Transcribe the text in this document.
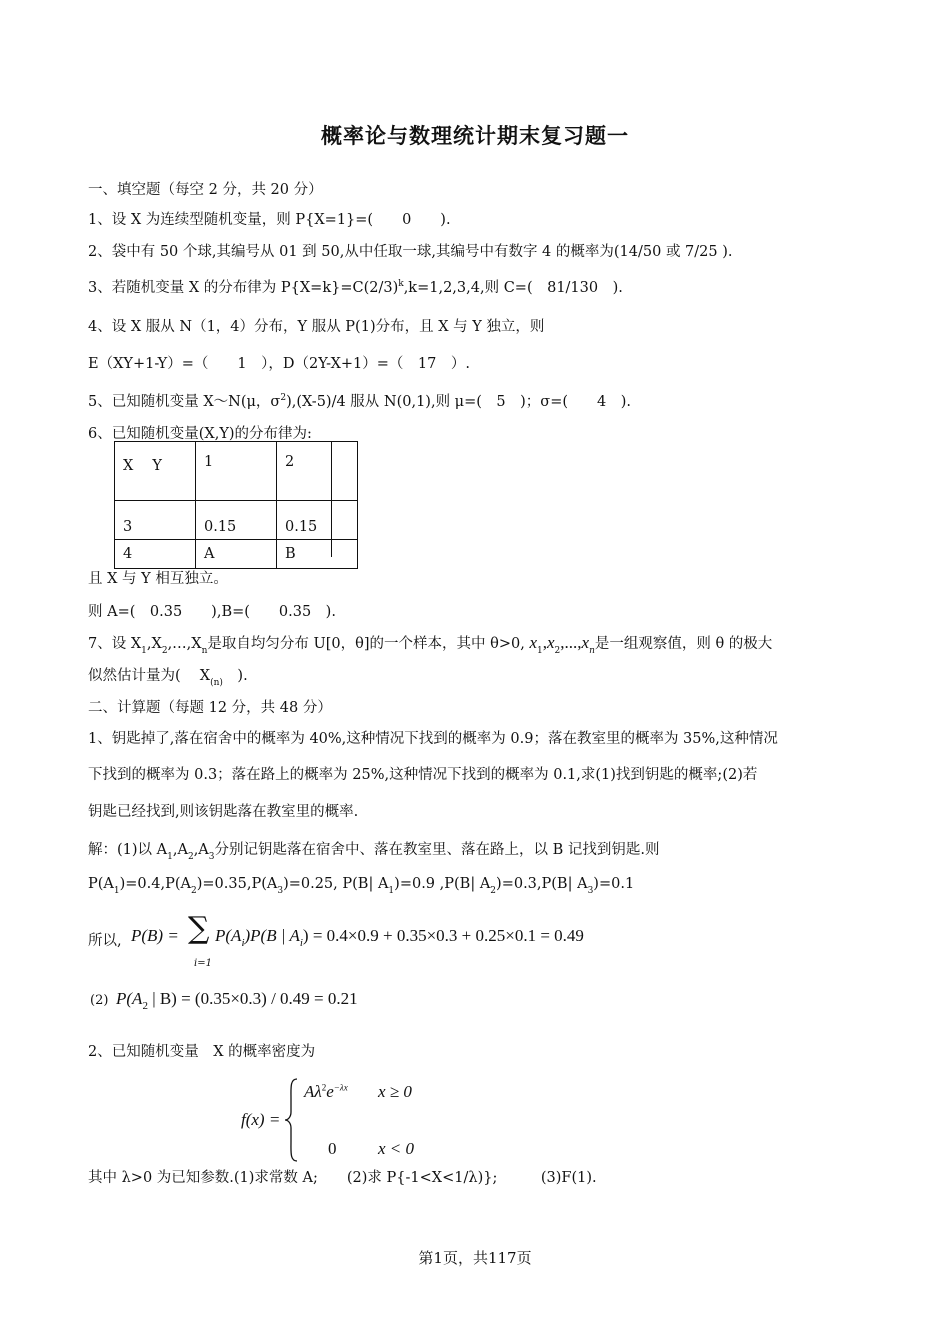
概率论与数理统计期末复习题一
一、填空题（每空 2 分，共 20 分）
1、设 X 为连续型随机变量，则 P{X=1}=(　　0　　).
2、袋中有 50 个球,其编号从 01 到 50,从中任取一球,其编号中有数字 4 的概率为(14/50 或 7/25 ).
3、若随机变量 X 的分布律为 $P\{X=k\}=C(2/3)^k,k=1,2,3,4$,则 C=(　81/130　).
4、设 X 服从 N（1，4）分布，Y 服从 P(1)分布，且 X 与 Y 独立，则
E（XY+1-Y）=（　　1　），D（2Y-X+1）=（　17　）.
5、已知随机变量 X～N(μ，$\sigma^2),(X-5)/4$ 服从 N(0,1),则 μ=(　5　)；σ=(　　4　).
6、已知随机变量(X,Y)的分布律为:
X　 Y	1	2
3	0.15	0.15
4	A	B
且 X 与 Y 相互独立。
则 A=(　0.35　　),B=(　　0.35　).
7、设 $X_1,X_2,\dots,X_n$是取自均匀分布 U[0，θ]的一个样本，其中 θ>0, $x_1,x_2,...,x_n$是一组观察值，则 θ 的极大
似然估计量为(　 $X_{(n)}$　).
二、计算题（每题 12 分，共 48 分）
1、钥匙掉了,落在宿舍中的概率为 40%,这种情况下找到的概率为 0.9；落在教室里的概率为 35%,这种情况
下找到的概率为 0.3；落在路上的概率为 25%,这种情况下找到的概率为 0.1,求(1)找到钥匙的概率;(2)若
钥匙已经找到,则该钥匙落在教室里的概率.
解：(1)以 $A_1,A_2,A_3$分别记钥匙落在宿舍中、落在教室里、落在路上，以 B 记找到钥匙.则
$P(A_1)=0.4,P(A_2)=0.35,P(A_3)=0.25$, P(B| $A_1)=0.9$ ,P(B| $A_2)=0.3,P(B|$ $A_3)=0.1$
所以, P(B) = ∑
i=1
$P(A_i)P(B$ | $A_i) = 0.4\times 0.9 + 0.35\times 0.3 + 0.25\times 0.1 = 0.49$
(2) $P(A_2$ | B) = (0.35×0.3) / 0.49 = 0.21
2、已知随机变量　X 的概率密度为
f(x) =
$A\lambda^2e^{-\lambda x}$ x ≥ 0
0 x < 0
其中 λ>0 为已知参数.(1)求常数 A;　　(2)求 P{-1<X<1/λ)};　　　(3)F(1).
第1页，共117页
